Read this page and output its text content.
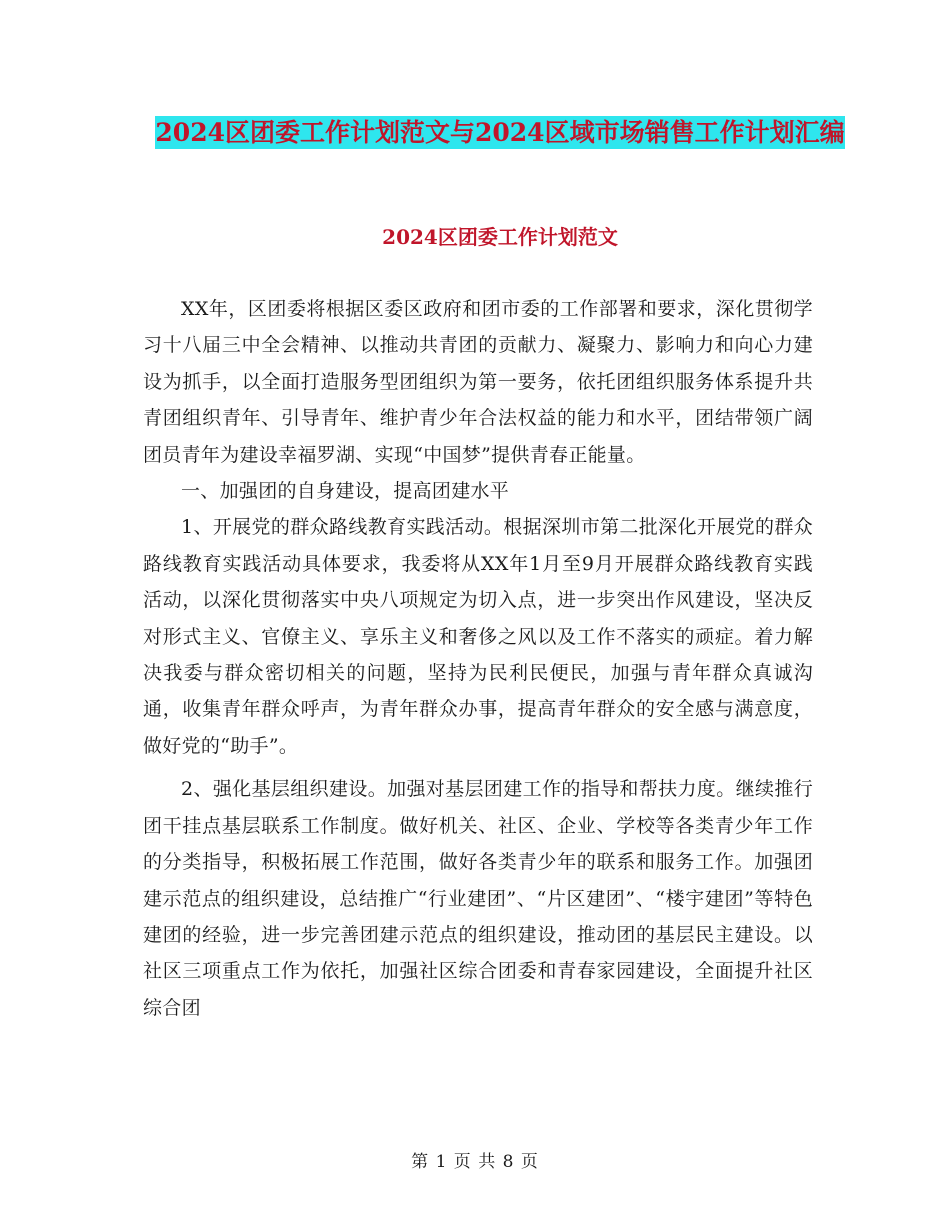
2024区团委工作计划范文与2024区域市场销售工作计划汇编
2024区团委工作计划范文

XX年，区团委将根据区委区政府和团市委的工作部署和要求，深化贯彻学习十八届三中全会精神、以推动共青团的贡献力、凝聚力、影响力和向心力建设为抓手，以全面打造服务型团组织为第一要务，依托团组织服务体系提升共青团组织青年、引导青年、维护青少年合法权益的能力和水平，团结带领广阔团员青年为建设幸福罗湖、实现“中国梦”提供青春正能量。

一、加强团的自身建设，提高团建水平

1、开展党的群众路线教育实践活动。根据深圳市第二批深化开展党的群众路线教育实践活动具体要求，我委将从XX年1月至9月开展群众路线教育实践活动，以深化贯彻落实中央八项规定为切入点，进一步突出作风建设，坚决反对形式主义、官僚主义、享乐主义和奢侈之风以及工作不落实的顽症。着力解决我委与群众密切相关的问题，坚持为民利民便民，加强与青年群众真诚沟通，收集青年群众呼声，为青年群众办事，提高青年群众的安全感与满意度，做好党的“助手”。

2、强化基层组织建设。加强对基层团建工作的指导和帮扶力度。继续推行团干挂点基层联系工作制度。做好机关、社区、企业、学校等各类青少年工作的分类指导，积极拓展工作范围，做好各类青少年的联系和服务工作。加强团建示范点的组织建设，总结推广“行业建团”、“片区建团”、“楼宇建团”等特色建团的经验，进一步完善团建示范点的组织建设，推动团的基层民主建设。以社区三项重点工作为依托，加强社区综合团委和青春家园建设，全面提升社区综合团

第 1 页 共 8 页
